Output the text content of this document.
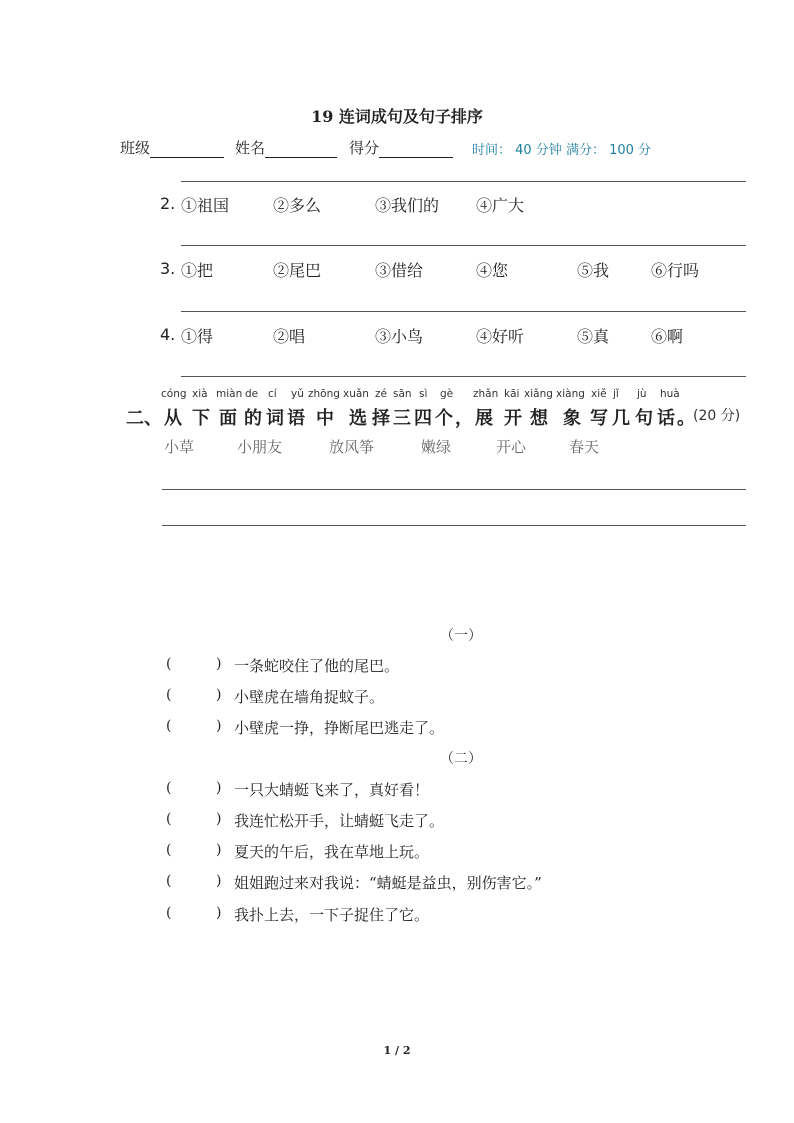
19 连词成句及句子排序
班级	姓名	得分	时间： 40 分钟 满分： 100 分
2. ①祖国	②多么	③我们的 ④广大
3. ①把	②尾巴	③借给	④您	⑤我	⑥行吗
4. ①得	②唱	③小鸟	④好听	⑤真	⑥啊
二、
cóng xià miàn de cí yǔ zhōng xuǎn zé sān sì gè zhǎn kāi xiǎng xiàng xiě jǐ jù huà
从 下 面 的 词 语 中 选 择 三 四 个 ， 展 开 想 象 写 几 句 话 。
(20 分)
小草	小朋友	放风筝	嫩绿	开心	春天
（一）
(	) 一条蛇咬住了他的尾巴。
(	) 小壁虎在墙角捉蚊子。
(	) 小壁虎一挣，挣断尾巴逃走了。
（二）
(	) 一只大蜻蜓飞来了，真好看！
(	) 我连忙松开手，让蜻蜓飞走了。
(	) 夏天的午后，我在草地上玩。
(	) 姐姐跑过来对我说：“蜻蜓是益虫，别伤害它。”
(	) 我扑上去，一下子捉住了它。
1 / 2
